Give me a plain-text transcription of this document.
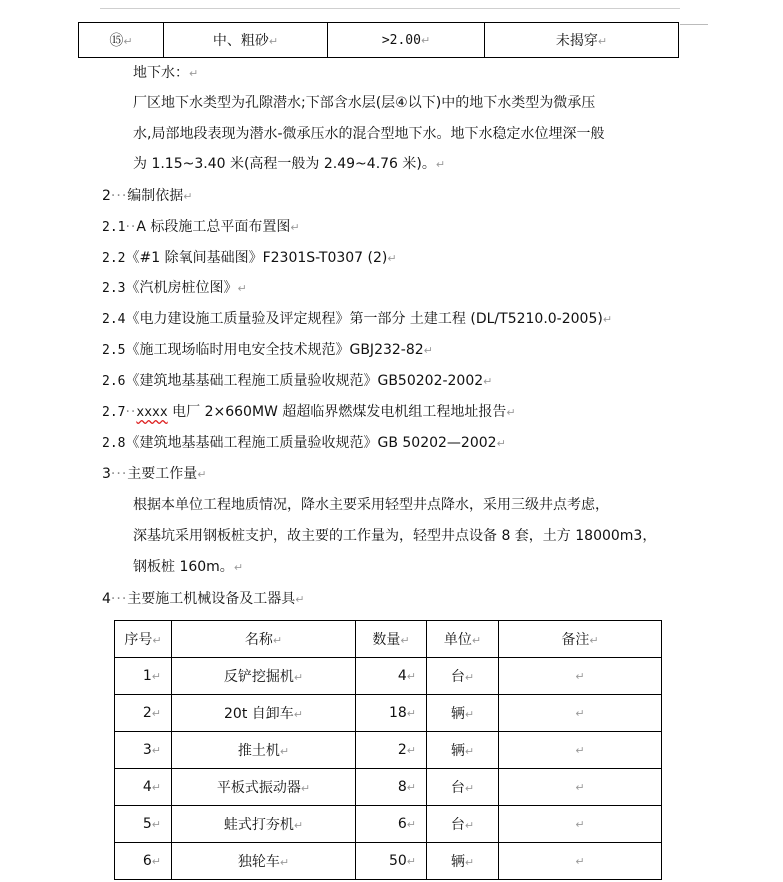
⑮↵	中、粗砂↵	>2.00↵	未揭穿↵
地下水：↵
厂区地下水类型为孔隙潜水;下部含水层(层④以下)中的地下水类型为微承压
水,局部地段表现为潜水-微承压水的混合型地下水。地下水稳定水位埋深一般
为 1.15~3.40 米(高程一般为 2.49~4.76 米)。↵
2···编制依据↵
2.1··A 标段施工总平面布置图↵
2.2《#1 除氧间基础图》F2301S-T0307 (2)↵
2.3《汽机房桩位图》↵
2.4《电力建设施工质量验及评定规程》第一部分 土建工程 (DL/T5210.0-2005)↵
2.5《施工现场临时用电安全技术规范》GBJ232-82↵
2.6《建筑地基基础工程施工质量验收规范》GB50202-2002↵
2.7··xxxx 电厂 2×660MW 超超临界燃煤发电机组工程地址报告↵
2.8《建筑地基基础工程施工质量验收规范》GB 50202—2002↵
3···主要工作量↵
根据本单位工程地质情况，降水主要采用轻型井点降水，采用三级井点考虑，
深基坑采用钢板桩支护，故主要的工作量为，轻型井点设备 8 套，土方 18000m3，
钢板桩 160m。↵
4···主要施工机械设备及工器具↵
序号↵	名称↵	数量↵	单位↵	备注↵
1↵	反铲挖掘机↵	4↵	台↵	↵
2↵	20t 自卸车↵	18↵	辆↵	↵
3↵	推土机↵	2↵	辆↵	↵
4↵	平板式振动器↵	8↵	台↵	↵
5↵	蛙式打夯机↵	6↵	台↵	↵
6↵	独轮车↵	50↵	辆↵	↵
